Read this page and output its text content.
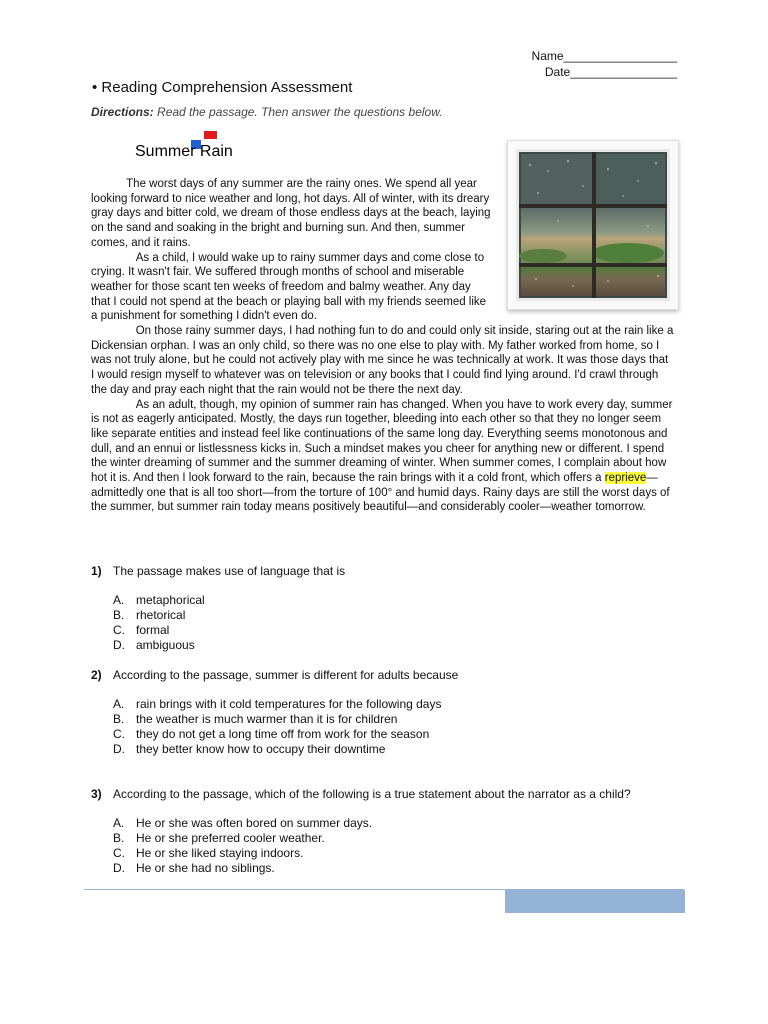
Name_________________
Date________________
• Reading Comprehension Assessment
Directions: Read the passage. Then answer the questions below.
Summer Rain

The worst days of any summer are the rainy ones. We spend all year looking forward to nice weather and long, hot days. All of winter, with its dreary gray days and bitter cold, we dream of those endless days at the beach, laying on the sand and soaking in the bright and burning sun. And then, summer comes, and it rains.

As a child, I would wake up to rainy summer days and come close to crying. It wasn't fair. We suffered through months of school and miserable weather for those scant ten weeks of freedom and balmy weather. Any day that I could not spend at the beach or playing ball with my friends seemed like a punishment for something I didn't even do.

On those rainy summer days, I had nothing fun to do and could only sit inside, staring out at the rain like a Dickensian orphan. I was an only child, so there was no one else to play with. My father worked from home, so I was not truly alone, but he could not actively play with me since he was technically at work. It was those days that I would resign myself to whatever was on television or any books that I could find lying around. I'd crawl through the day and pray each night that the rain would not be there the next day.

As an adult, though, my opinion of summer rain has changed. When you have to work every day, summer is not as eagerly anticipated. Mostly, the days run together, bleeding into each other so that they no longer seem like separate entities and instead feel like continuations of the same long day. Everything seems monotonous and dull, and an ennui or listlessness kicks in. Such a mindset makes you cheer for anything new or different. I spend the winter dreaming of summer and the summer dreaming of winter. When summer comes, I complain about how hot it is. And then I look forward to the rain, because the rain brings with it a cold front, which offers a reprieve—admittedly one that is all too short—from the torture of 100° and humid days. Rainy days are still the worst days of the summer, but summer rain today means positively beautiful—and considerably cooler—weather tomorrow.

1) The passage makes use of language that is
A. metaphorical
B. rhetorical
C. formal
D. ambiguous
2) According to the passage, summer is different for adults because
A. rain brings with it cold temperatures for the following days
B. the weather is much warmer than it is for children
C. they do not get a long time off from work for the season
D. they better know how to occupy their downtime
3) According to the passage, which of the following is a true statement about the narrator as a child?
A. He or she was often bored on summer days.
B. He or she preferred cooler weather.
C. He or she liked staying indoors.
D. He or she had no siblings.
